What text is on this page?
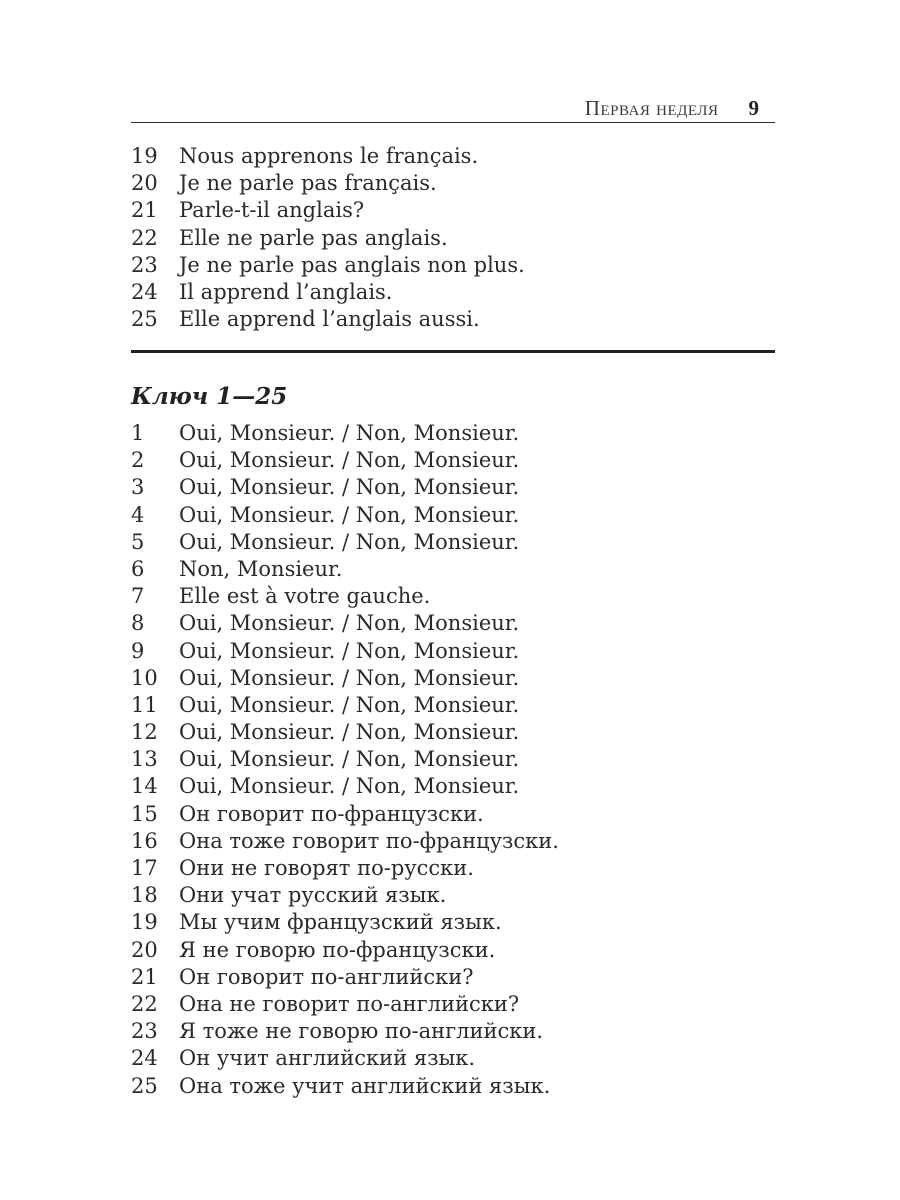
Первая неделя 9
19	Nous apprenons le français.
20	Je ne parle pas français.
21	Parle-t-il anglais?
22	Elle ne parle pas anglais.
23	Je ne parle pas anglais non plus.
24	Il apprend l’anglais.
25	Elle apprend l’anglais aussi.
Ключ 1—25
1	Oui, Monsieur. / Non, Monsieur.
2	Oui, Monsieur. / Non, Monsieur.
3	Oui, Monsieur. / Non, Monsieur.
4	Oui, Monsieur. / Non, Monsieur.
5	Oui, Monsieur. / Non, Monsieur.
6	Non, Monsieur.
7	Elle est à votre gauche.
8	Oui, Monsieur. / Non, Monsieur.
9	Oui, Monsieur. / Non, Monsieur.
10	Oui, Monsieur. / Non, Monsieur.
11	Oui, Monsieur. / Non, Monsieur.
12	Oui, Monsieur. / Non, Monsieur.
13	Oui, Monsieur. / Non, Monsieur.
14	Oui, Monsieur. / Non, Monsieur.
15	Он говорит по-французски.
16	Она тоже говорит по-французски.
17	Они не говорят по-русски.
18	Они учат русский язык.
19	Мы учим французский язык.
20	Я не говорю по-французски.
21	Он говорит по-английски?
22	Она не говорит по-английски?
23	Я тоже не говорю по-английски.
24	Он учит английский язык.
25	Она тоже учит английский язык.
